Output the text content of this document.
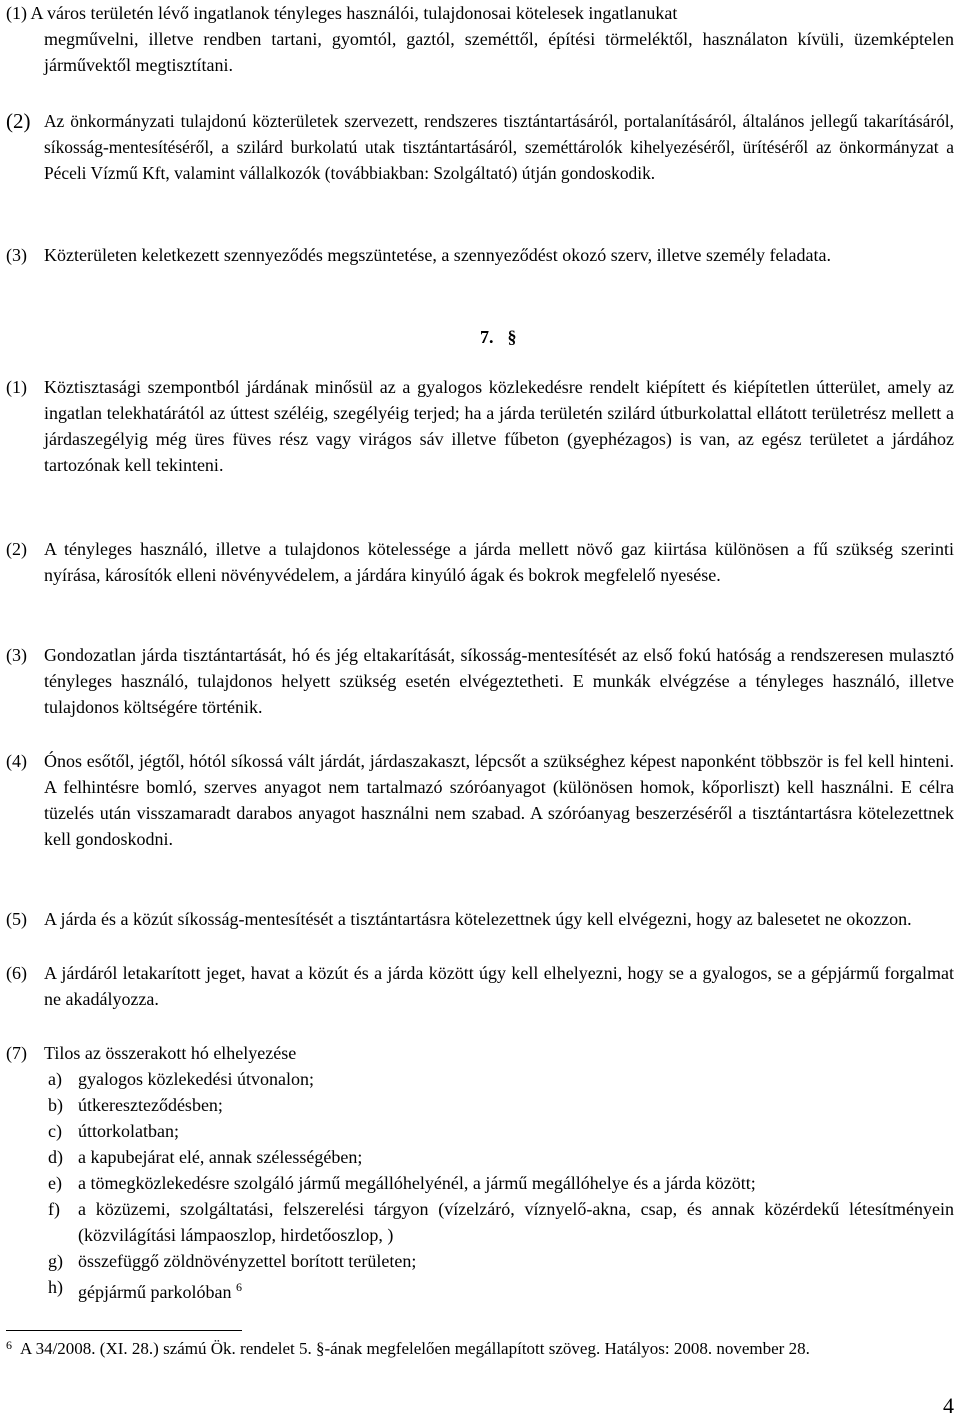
(1) A város területén lévő ingatlanok tényleges használói, tulajdonosai kötelesek ingatlanukat
megművelni, illetve rendben tartani, gyomtól, gaztól, szeméttől, építési törmeléktől, használaton kívüli, üzemképtelen járművektől megtisztítani.
(2) Az önkormányzati tulajdonú közterületek szervezett, rendszeres tisztántartásáról, portalanításáról, általános jellegű takarításáról, síkosság-mentesítéséről, a szilárd burkolatú utak tisztántartásáról, szeméttárolók kihelyezéséről, ürítéséről az önkormányzat a Péceli Vízmű Kft, valamint vállalkozók (továbbiakban: Szolgáltató) útján gondoskodik.
(3) Közterületen keletkezett szennyeződés megszüntetése, a szennyeződést okozó szerv, illetve személy feladata.
7. §
(1) Köztisztasági szempontból járdának minősül az a gyalogos közlekedésre rendelt kiépített és kiépítetlen útterület, amely az ingatlan telekhatárától az úttest széléig, szegélyéig terjed; ha a járda területén szilárd útburkolattal ellátott területrész mellett a járdaszegélyig még üres füves rész vagy virágos sáv illetve fűbeton (gyephézagos) is van, az egész területet a járdához tartozónak kell tekinteni.
(2) A tényleges használó, illetve a tulajdonos kötelessége a járda mellett növő gaz kiirtása különösen a fű szükség szerinti nyírása, károsítók elleni növényvédelem, a járdára kinyúló ágak és bokrok megfelelő nyesése.
(3) Gondozatlan járda tisztántartását, hó és jég eltakarítását, síkosság-mentesítését az első fokú hatóság a rendszeresen mulasztó tényleges használó, tulajdonos helyett szükség esetén elvégeztetheti. E munkák elvégzése a tényleges használó, illetve tulajdonos költségére történik.
(4) Ónos esőtől, jégtől, hótól síkossá vált járdát, járdaszakaszt, lépcsőt a szükséghez képest naponként többször is fel kell hinteni. A felhintésre bomló, szerves anyagot nem tartalmazó szóróanyagot (különösen homok, kőporliszt) kell használni. E célra tüzelés után visszamaradt darabos anyagot használni nem szabad. A szóróanyag beszerzéséről a tisztántartásra kötelezettnek kell gondoskodni.
(5) A járda és a közút síkosság-mentesítését a tisztántartásra kötelezettnek úgy kell elvégezni, hogy az balesetet ne okozzon.
(6) A járdáról letakarított jeget, havat a közút és a járda között úgy kell elhelyezni, hogy se a gyalogos, se a gépjármű forgalmat ne akadályozza.
(7) Tilos az összerakott hó elhelyezése
a) gyalogos közlekedési útvonalon;
b) útkereszteződésben;
c) úttorkolatban;
d) a kapubejárat elé, annak szélességében;
e) a tömegközlekedésre szolgáló jármű megállóhelyénél, a jármű megállóhelye és a járda között;
f) a közüzemi, szolgáltatási, felszerelési tárgyon (vízelzáró, víznyelő-akna, csap, és annak közérdekű létesítményein (közvilágítási lámpaoszlop, hirdetőoszlop, )
g) összefüggő zöldnövényzettel borított területen;
h) gépjármű parkolóban $^6$
$^6$ A 34/2008. (XI. 28.) számú Ök. rendelet 5. §-ának megfelelően megállapított szöveg. Hatályos: 2008. november 28.
4
